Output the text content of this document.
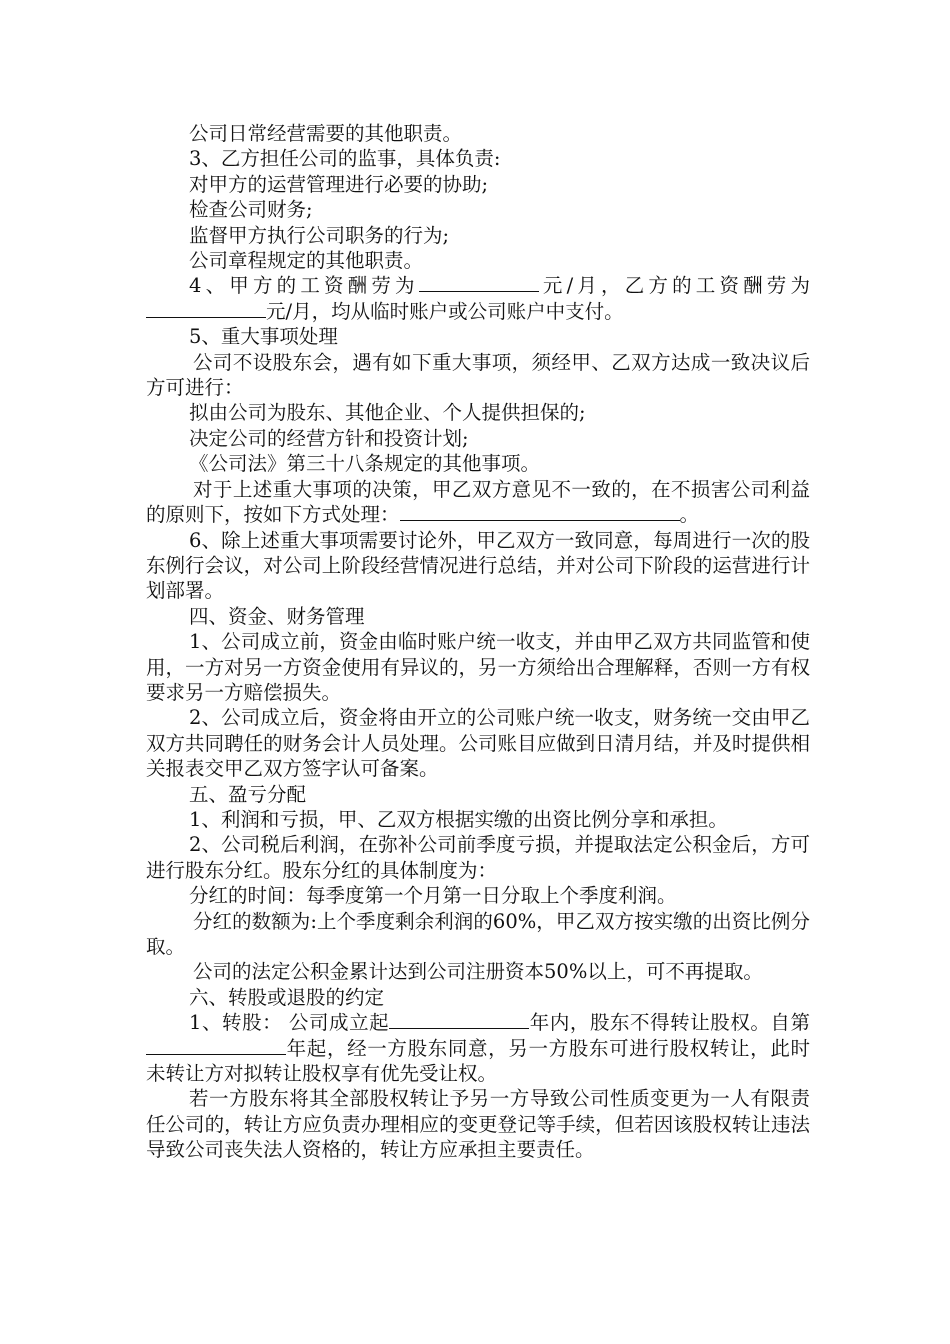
公司日常经营需要的其他职责。

3、乙方担任公司的监事，具体负责:

对甲方的运营管理进行必要的协助;

检查公司财务;

监督甲方执行公司职务的行为;

公司章程规定的其他职责。

4、甲方的工资酬劳为	元/月，乙方的工资酬劳为元/月，均从临时账户或公司账户中支付。

5、重大事项处理

公司不设股东会，遇有如下重大事项，须经甲、乙双方达成一致决议后方可进行：

拟由公司为股东、其他企业、个人提供担保的;

决定公司的经营方针和投资计划;

《公司法》第三十八条规定的其他事项。

对于上述重大事项的决策，甲乙双方意见不一致的，在不损害公司利益的原则下，按如下方式处理：	。

6、除上述重大事项需要讨论外，甲乙双方一致同意，每周进行一次的股东例行会议，对公司上阶段经营情况进行总结，并对公司下阶段的运营进行计划部署。

四、资金、财务管理

1、公司成立前，资金由临时账户统一收支，并由甲乙双方共同监管和使用，一方对另一方资金使用有异议的，另一方须给出合理解释，否则一方有权要求另一方赔偿损失。

2、公司成立后，资金将由开立的公司账户统一收支，财务统一交由甲乙双方共同聘任的财务会计人员处理。公司账目应做到日清月结，并及时提供相关报表交甲乙双方签字认可备案。

五、盈亏分配

1、利润和亏损，甲、乙双方根据实缴的出资比例分享和承担。

2、公司税后利润，在弥补公司前季度亏损，并提取法定公积金后，方可进行股东分红。股东分红的具体制度为：

分红的时间：每季度第一个月第一日分取上个季度利润。

分红的数额为:上个季度剩余利润的60%，甲乙双方按实缴的出资比例分取。

公司的法定公积金累计达到公司注册资本50%以上，可不再提取。

六、转股或退股的约定

1、转股： 公司成立起	年内，股东不得转让股权。自第年起，经一方股东同意，另一方股东可进行股权转让，此时未转让方对拟转让股权享有优先受让权。

若一方股东将其全部股权转让予另一方导致公司性质变更为一人有限责任公司的，转让方应负责办理相应的变更登记等手续，但若因该股权转让违法导致公司丧失法人资格的，转让方应承担主要责任。
